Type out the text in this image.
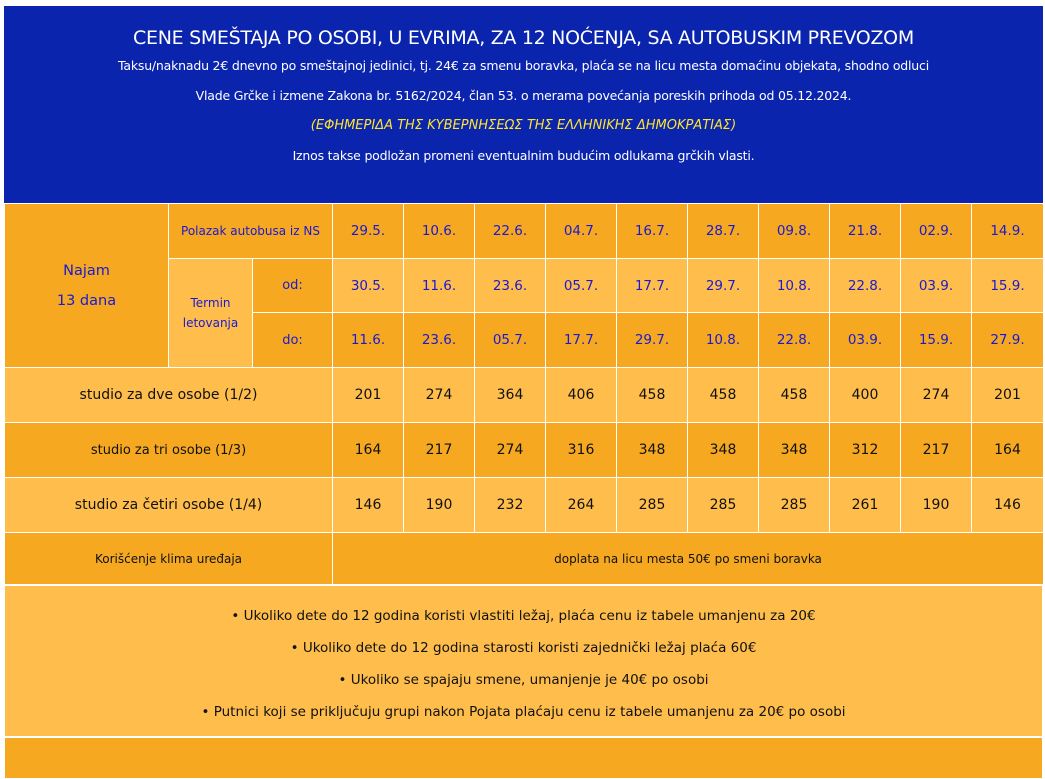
CENE SMEŠTAJA PO OSOBI, U EVRIMA, ZA 12 NOĆENJA, SA AUTOBUSKIM PREVOZOM
Taksu/naknadu 2€ dnevno po smeštajnoj jedinici, tj. 24€ za smenu boravka, plaća se na licu mesta domaćinu objekata, shodno odluci
Vlade Grčke i izmene Zakona br. 5162/2024, član 53. o merama povećanja poreskih prihoda od 05.12.2024.
(ΕΦΗΜΕΡΙΔΑ ΤΗΣ ΚΥΒΕΡΝΗΣΕΩΣ ΤΗΣ ΕΛΛΗΝΙΚΗΣ ΔΗΜΟΚΡΑΤΙΑΣ)
Iznos takse podložan promeni eventualnim budućim odlukama grčkih vlasti.
Najam
13 dana	Polazak autobusa iz NS		29.5.	10.6.	22.6.	04.7.	16.7.	28.7.	09.8.	21.8.	02.9.	14.9.
	Termin
letovanja	od:	30.5.	11.6.	23.6.	05.7.	17.7.	29.7.	10.8.	22.8.	03.9.	15.9.
		do:	11.6.	23.6.	05.7.	17.7.	29.7.	10.8.	22.8.	03.9.	15.9.	27.9.
studio za dve osobe (1/2)			201	274	364	406	458	458	458	400	274	201
studio za tri osobe (1/3)			164	217	274	316	348	348	348	312	217	164
studio za četiri osobe (1/4)			146	190	232	264	285	285	285	261	190	146
Korišćenje klima uređaja			doplata na licu mesta 50€ po smeni boravka									
• Ukoliko dete do 12 godina koristi vlastiti ležaj, plaća cenu iz tabele umanjenu za 20€
• Ukoliko dete do 12 godina starosti koristi zajednički ležaj plaća 60€
• Ukoliko se spajaju smene, umanjenje je 40€ po osobi
• Putnici koji se priključuju grupi nakon Pojata plaćaju cenu iz tabele umanjenu za 20€ po osobi
